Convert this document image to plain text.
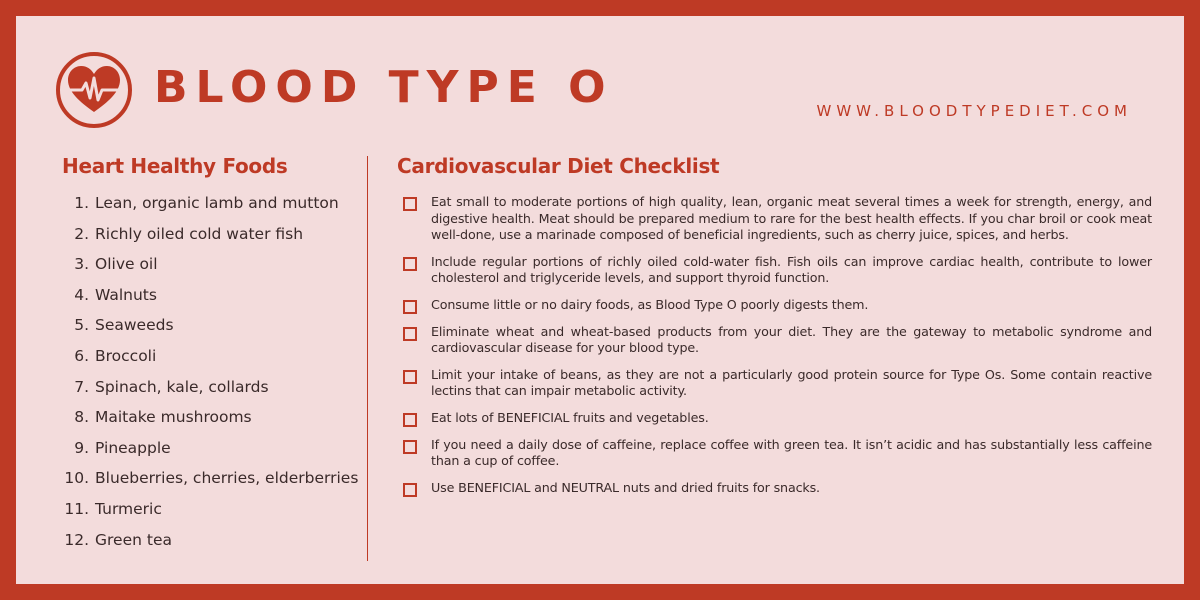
BLOOD TYPE O	WWW.BLOODTYPEDIET.COM
Heart Healthy Foods
1. Lean, organic lamb and mutton
2. Richly oiled cold water fish
3. Olive oil
4. Walnuts
5. Seaweeds
6. Broccoli
7. Spinach, kale, collards
8. Maitake mushrooms
9. Pineapple
10. Blueberries, cherries, elderberries
11. Turmeric
12. Green tea
Cardiovascular Diet Checklist
Eat small to moderate portions of high quality, lean, organic meat several times a week for strength, energy, and digestive health. Meat should be prepared medium to rare for the best health effects. If you char broil or cook meat well-done, use a marinade composed of beneficial ingredients, such as cherry juice, spices, and herbs.
Include regular portions of richly oiled cold-water fish. Fish oils can improve cardiac health, contribute to lower cholesterol and triglyceride levels, and support thyroid function.
Consume little or no dairy foods, as Blood Type O poorly digests them.
Eliminate wheat and wheat-based products from your diet. They are the gateway to metabolic syndrome and cardiovascular disease for your blood type.
Limit your intake of beans, as they are not a particularly good protein source for Type Os. Some contain reactive lectins that can impair metabolic activity.
Eat lots of BENEFICIAL fruits and vegetables.
If you need a daily dose of caffeine, replace coffee with green tea. It isn’t acidic and has substantially less caffeine than a cup of coffee.
Use BENEFICIAL and NEUTRAL nuts and dried fruits for snacks.
